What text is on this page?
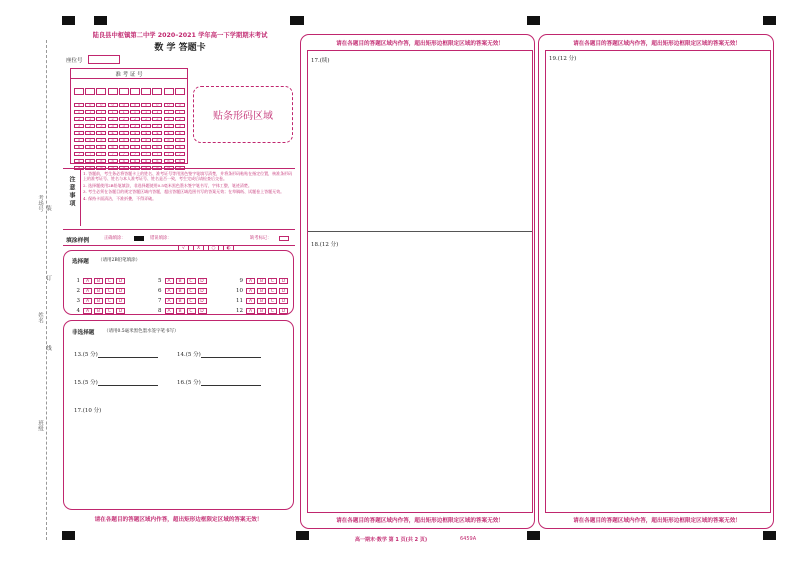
考场号
姓名
班级
装
订
线
陆良县中枢镇第二中学 2020–2021 学年高一下学期期末考试
数 学 答题卡
座位号
准 考 证 号
0	0	0	0	0	0	0	0	0	0
1	1	1	1	1	1	1	1	1	1
2	2	2	2	2	2	2	2	2	2
3	3	3	3	3	3	3	3	3	3
4	4	4	4	4	4	4	4	4	4
5	5	5	5	5	5	5	5	5	5
6	6	6	6	6	6	6	6	6	6
7	7	7	7	7	7	7	7	7	7
8	8	8	8	8	8	8	8	8	8
9	9	9	9	9	9	9	9	9	9
贴条形码区域
注意事项
1. 答题前，考生务必将答题卡上的姓名、准考证号等用黑色签字笔填写清楚，并将条形码粘贴在指定位置，核准条形码上的准考证号、姓名与本人准考证号、姓名是否一致，考生完成后请检查后交卷。
2. 选择题使用2B铅笔填涂，非选择题使用0.5毫米黑色墨水签字笔书写，字体工整，笔迹清楚。
3. 考生必须在各题目的规定答题区域内答题，超出答题区域范围书写的答案无效；在草稿纸、试题卷上答题无效。
4. 保持卡面清洁，不准折叠，不得弄破。
填涂样例	正确填涂：	错误填涂：
√	X	○ ◐
缺考标记：
选择题 （请用2B铅笔填涂）
1 A B C D
2 A B C D
3 A B C D
4 A B C D
5 A B C D
6 A B C D
7 A B C D
8 A B C D
9 A B C D
10 A B C D
11 A B C D
12 A B C D
非选择题 （请用0.5毫米黑色墨水签字笔书写）
13.(5 分)	14.(5 分)
15.(5 分)	16.(5 分)
17.(10 分)
请在各题目的答题区域内作答，超出矩形边框限定区域的答案无效！
请在各题目的答题区域内作答，超出矩形边框限定区域的答案无效！
17.(续)
18.(12 分)
请在各题目的答题区域内作答，超出矩形边框限定区域的答案无效！
请在各题目的答题区域内作答，超出矩形边框限定区域的答案无效！
19.(12 分)
请在各题目的答题区域内作答，超出矩形边框限定区域的答案无效！
高一期末·数学 第 1 页(共 2 页)	6459A
